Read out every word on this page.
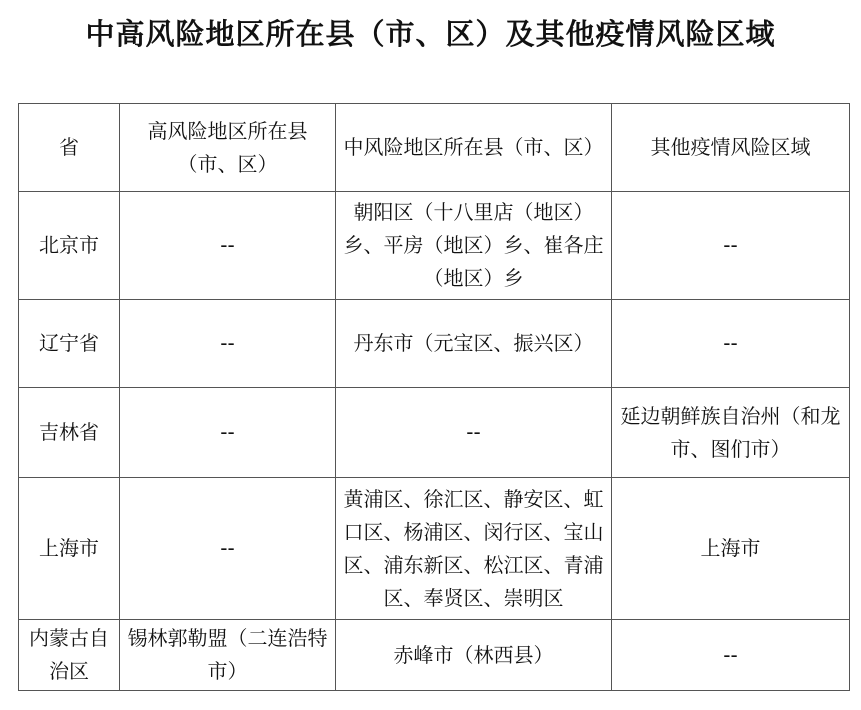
中高风险地区所在县（市、区）及其他疫情风险区域
省	高风险地区所在县（市、区）	中风险地区所在县（市、区）	其他疫情风险区域
北京市	--	朝阳区（十八里店（地区）乡、平房（地区）乡、崔各庄（地区）乡	--
辽宁省	--	丹东市（元宝区、振兴区）	--
吉林省	--	--	延边朝鲜族自治州（和龙市、图们市）
上海市	--	黄浦区、徐汇区、静安区、虹口区、杨浦区、闵行区、宝山区、浦东新区、松江区、青浦区、奉贤区、崇明区	上海市
内蒙古自治区	锡林郭勒盟（二连浩特市）	赤峰市（林西县）	--
